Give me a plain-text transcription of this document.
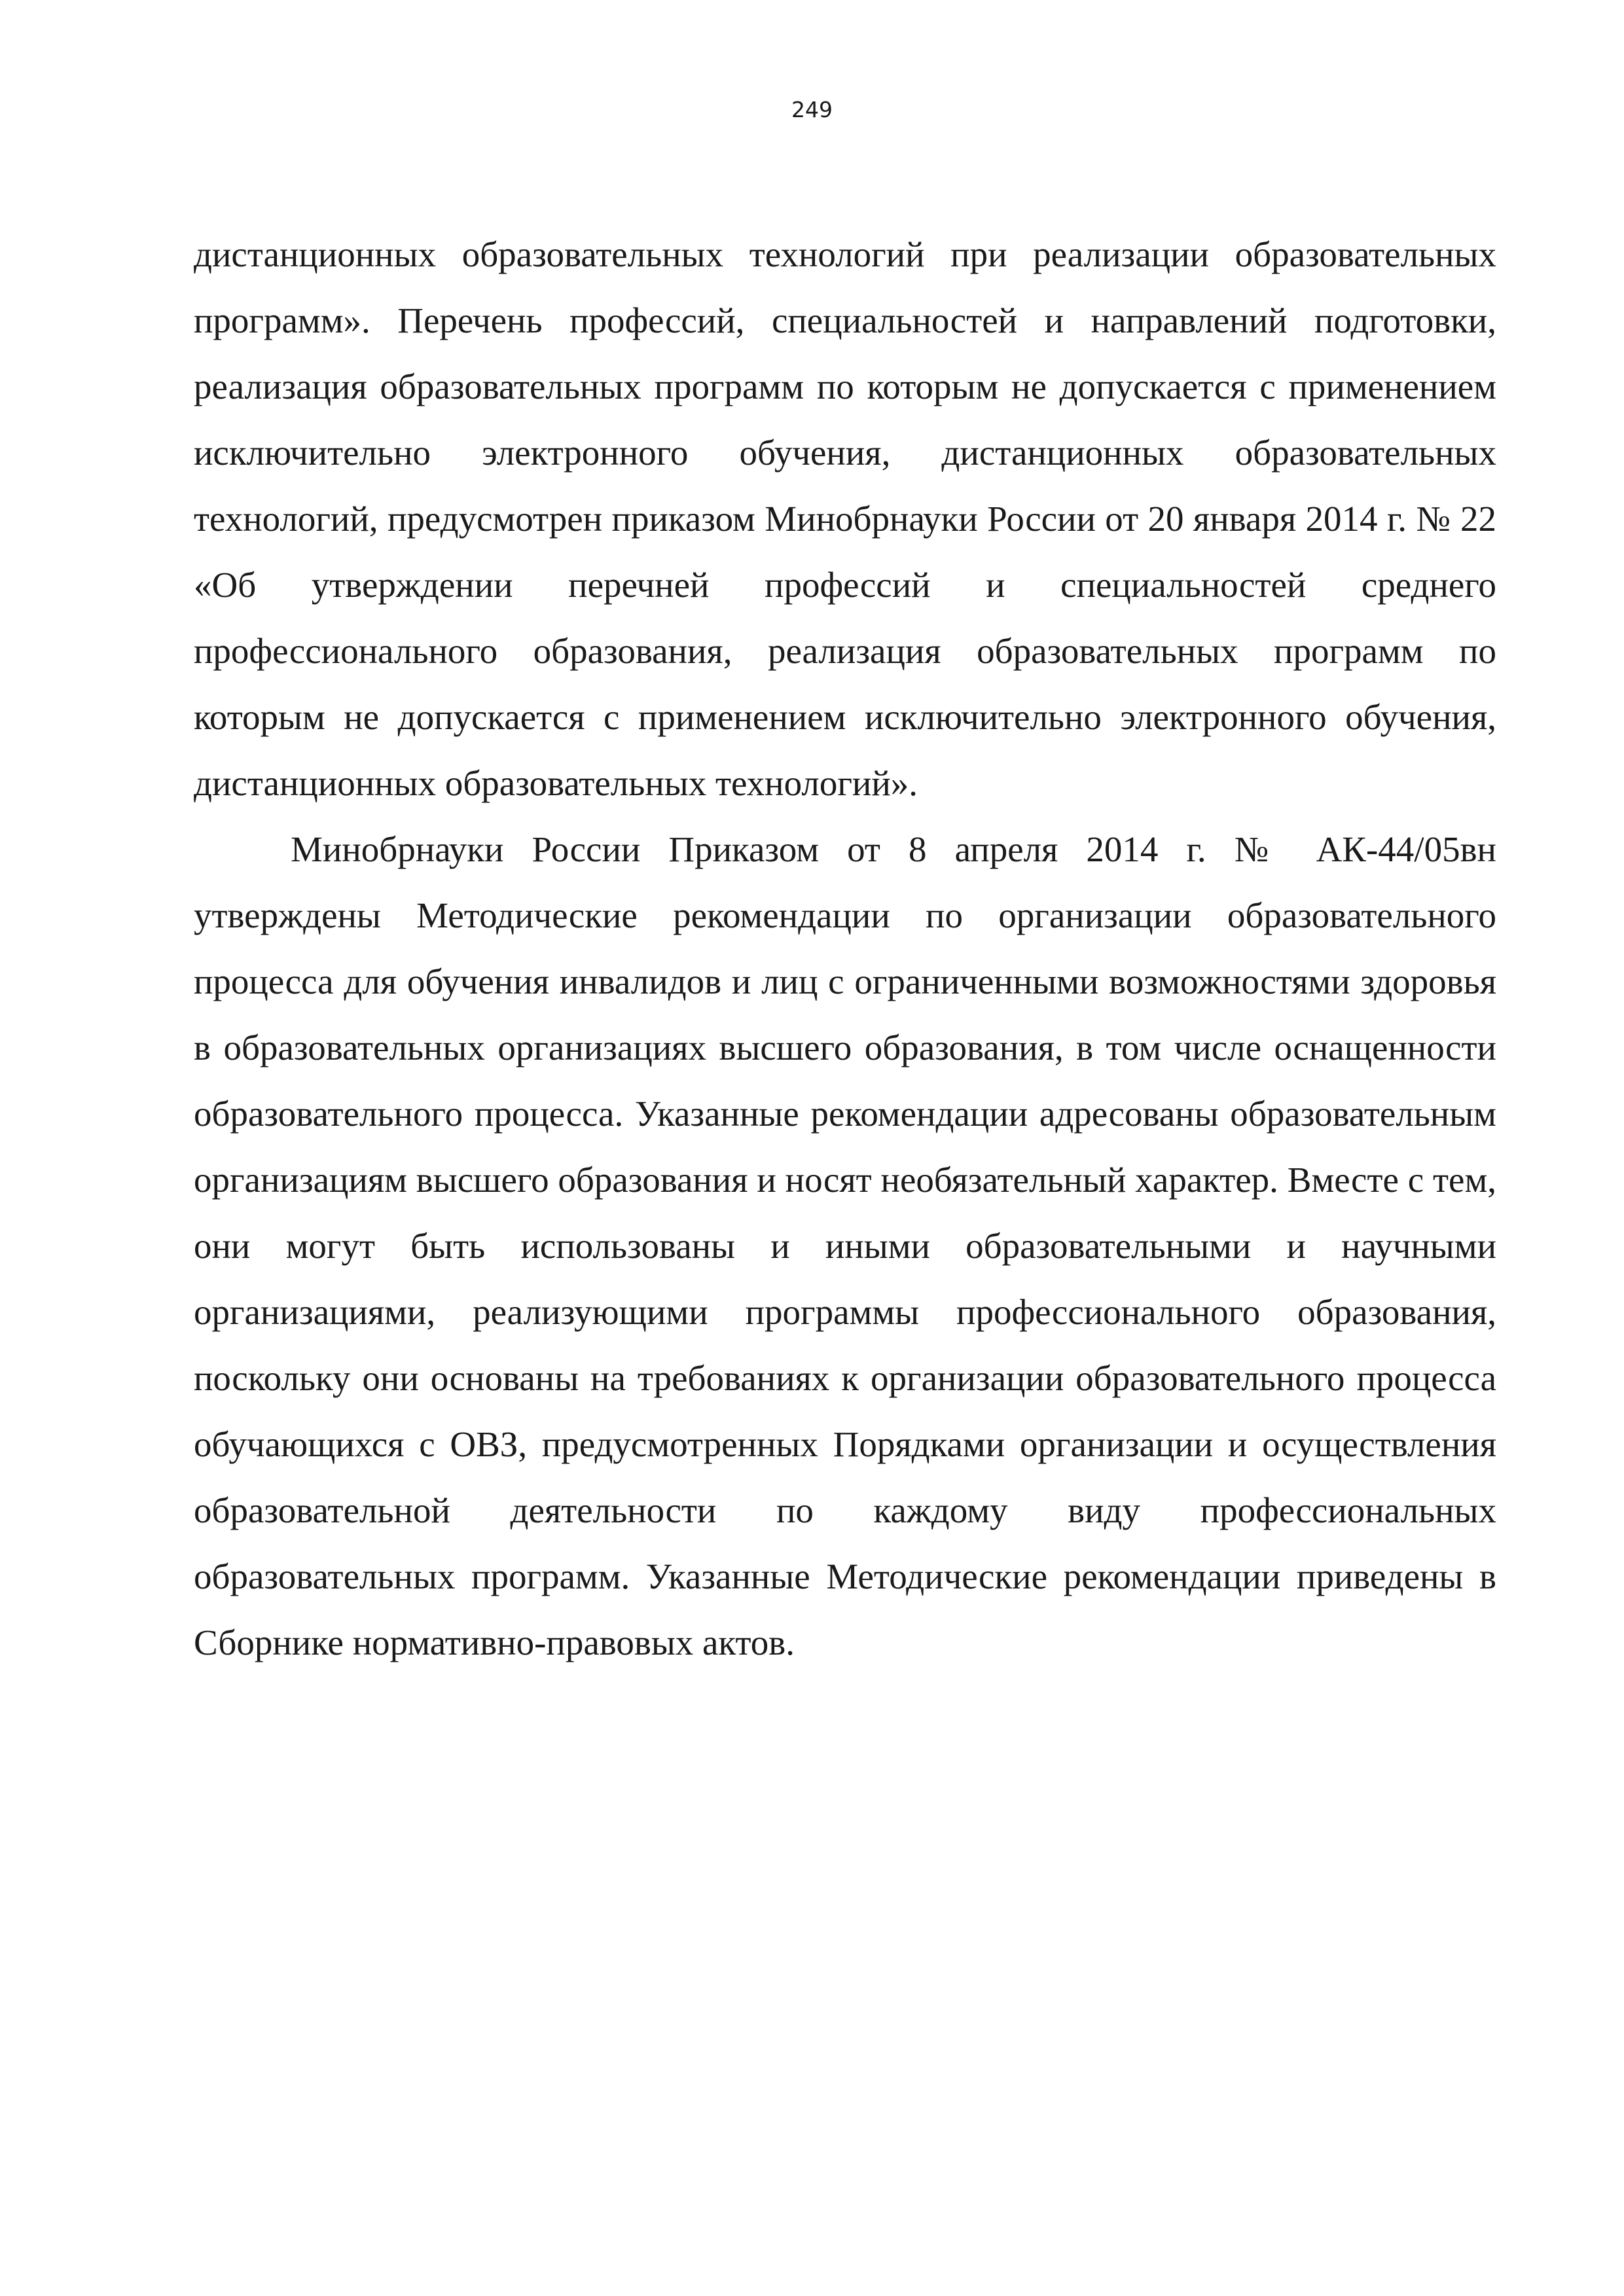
249

дистанционных образовательных технологий при реализации образовательных программ». Перечень профессий, специальностей и направлений подготовки, реализация образовательных программ по которым не допускается с применением исключительно электронного обучения, дистанционных образовательных технологий, предусмотрен приказом Минобрнауки России от 20 января 2014 г. № 22 «Об утверждении перечней профессий и специальностей среднего профессионального образования, реализация образовательных программ по которым не допускается с применением исключительно электронного обучения, дистанционных образовательных технологий».

Минобрнауки России Приказом от 8 апреля 2014 г. № АК-44/05вн утверждены Методические рекомендации по организации образовательного процесса для обучения инвалидов и лиц с ограниченными возможностями здоровья в образовательных организациях высшего образования, в том числе оснащенности образовательного процесса. Указанные рекомендации адресованы образовательным организациям высшего образования и носят необязательный характер. Вместе с тем, они могут быть использованы и иными образовательными и научными организациями, реализующими программы профессионального образования, поскольку они основаны на требованиях к организации образовательного процесса обучающихся с ОВЗ, предусмотренных Порядками организации и осуществления образовательной деятельности по каждому виду профессиональных образовательных программ. Указанные Методические рекомендации приведены в Сборнике нормативно-правовых актов.
